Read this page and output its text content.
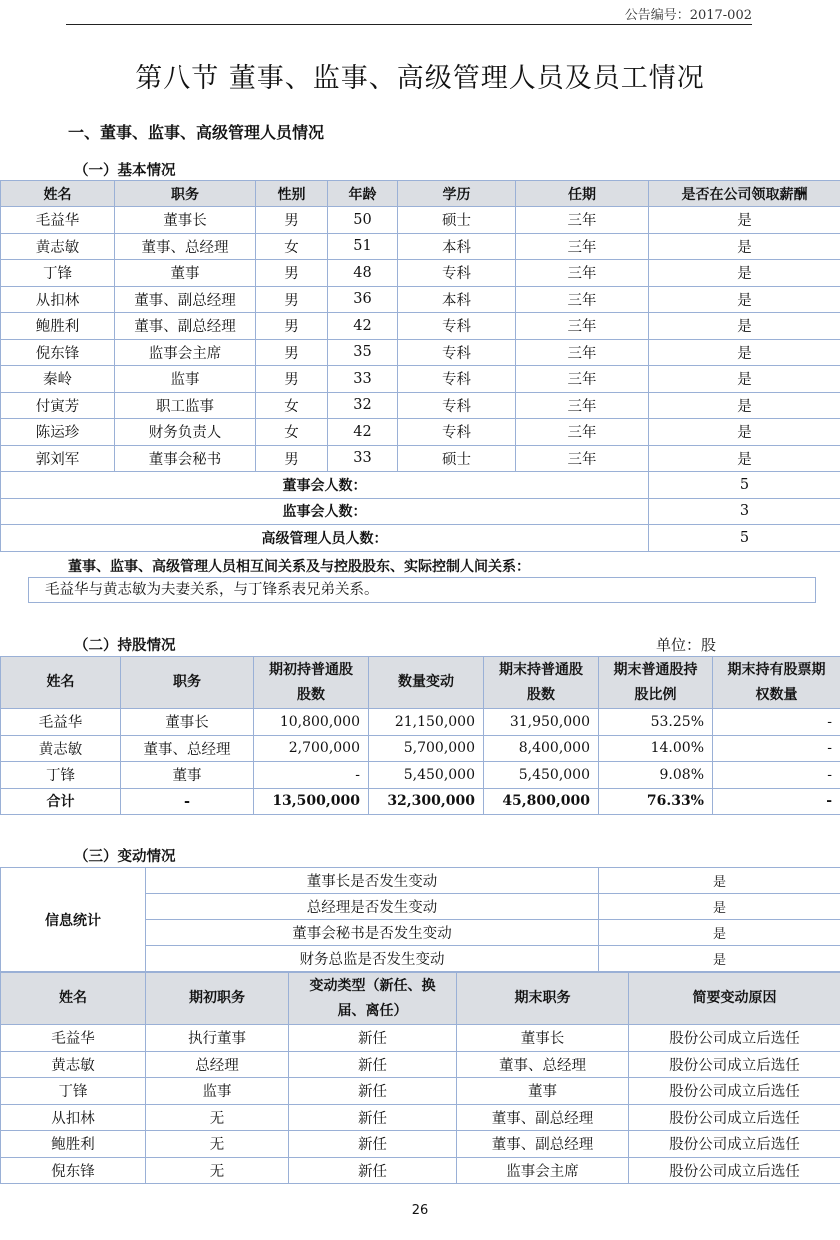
公告编号：2017-002
第八节 董事、监事、高级管理人员及员工情况
一、董事、监事、高级管理人员情况
（一）基本情况
姓名	职务	性别	年龄	学历	任期	是否在公司领取薪酬
毛益华	董事长	男	50	硕士	三年	是
黄志敏	董事、总经理	女	51	本科	三年	是
丁锋	董事	男	48	专科	三年	是
从扣林	董事、副总经理	男	36	本科	三年	是
鲍胜利	董事、副总经理	男	42	专科	三年	是
倪东锋	监事会主席	男	35	专科	三年	是
秦岭	监事	男	33	专科	三年	是
付寅芳	职工监事	女	32	专科	三年	是
陈运珍	财务负责人	女	42	专科	三年	是
郭刘军	董事会秘书	男	33	硕士	三年	是
董事会人数：						5
监事会人数：						3
高级管理人员人数：						5
董事、监事、高级管理人员相互间关系及与控股股东、实际控制人间关系：
毛益华与黄志敏为夫妻关系，与丁锋系表兄弟关系。
（二）持股情况	单位：股
姓名	职务	期初持普通股股数	数量变动	期末持普通股股数	期末普通股持股比例	期末持有股票期权数量
毛益华	董事长	10,800,000	21,150,000	31,950,000	53.25%	-
黄志敏	董事、总经理	2,700,000	5,700,000	8,400,000	14.00%	-
丁锋	董事	-	5,450,000	5,450,000	9.08%	-
合计	-	13,500,000	32,300,000	45,800,000	76.33%	-
（三）变动情况
信息统计	董事长是否发生变动	是
	总经理是否发生变动	是
	董事会秘书是否发生变动	是
	财务总监是否发生变动	是
姓名	期初职务	变动类型（新任、换届、离任）	期末职务	简要变动原因
毛益华	执行董事	新任	董事长	股份公司成立后选任
黄志敏	总经理	新任	董事、总经理	股份公司成立后选任
丁锋	监事	新任	董事	股份公司成立后选任
从扣林	无	新任	董事、副总经理	股份公司成立后选任
鲍胜利	无	新任	董事、副总经理	股份公司成立后选任
倪东锋	无	新任	监事会主席	股份公司成立后选任
26
